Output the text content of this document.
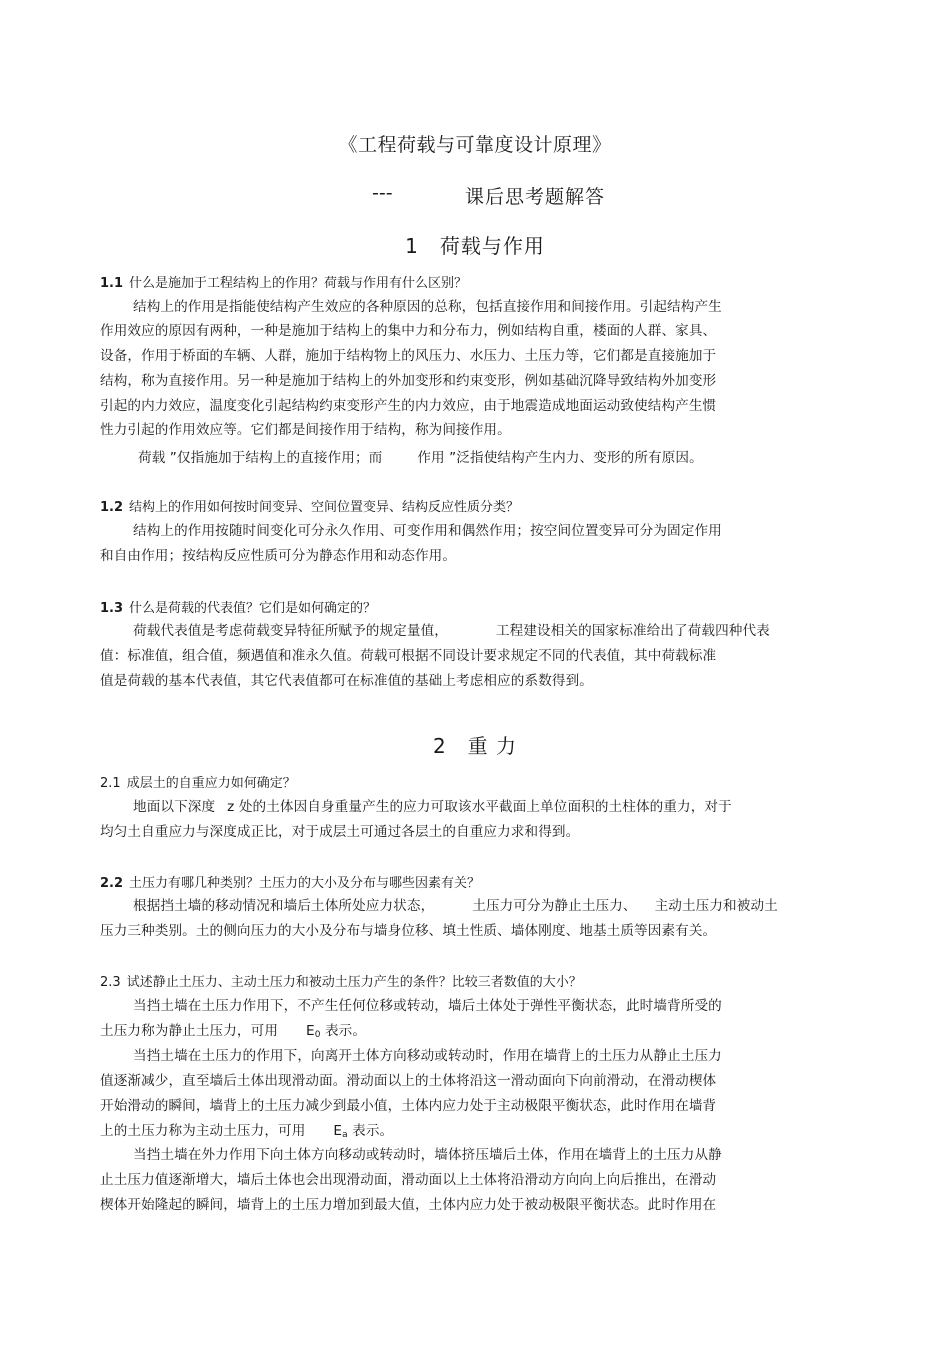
《工程荷载与可靠度设计原理》
---	课后思考题解答
1　荷载与作用
1.1 什么是施加于工程结构上的作用？荷载与作用有什么区别？
结构上的作用是指能使结构产生效应的各种原因的总称，包括直接作用和间接作用。引起结构产生
作用效应的原因有两种，一种是施加于结构上的集中力和分布力，例如结构自重，楼面的人群、家具、
设备，作用于桥面的车辆、人群，施加于结构物上的风压力、水压力、土压力等，它们都是直接施加于
结构，称为直接作用。另一种是施加于结构上的外加变形和约束变形，例如基础沉降导致结构外加变形
引起的内力效应，温度变化引起结构约束变形产生的内力效应，由于地震造成地面运动致使结构产生惯
性力引起的作用效应等。它们都是间接作用于结构，称为间接作用。
荷载 ”仅指施加于结构上的直接作用；而	作用 ”泛指使结构产生内力、变形的所有原因。
1.2 结构上的作用如何按时间变异、空间位置变异、结构反应性质分类？
结构上的作用按随时间变化可分永久作用、可变作用和偶然作用；按空间位置变异可分为固定作用
和自由作用；按结构反应性质可分为静态作用和动态作用。
1.3 什么是荷载的代表值？它们是如何确定的？
荷载代表值是考虑荷载变异特征所赋予的规定量值，	工程建设相关的国家标准给出了荷载四种代表
值：标准值，组合值，频遇值和准永久值。荷载可根据不同设计要求规定不同的代表值，其中荷载标准
值是荷载的基本代表值，其它代表值都可在标准值的基础上考虑相应的系数得到。
2　重 力
2.1 成层土的自重应力如何确定？
地面以下深度 z 处的土体因自身重量产生的应力可取该水平截面上单位面积的土柱体的重力，对于
均匀土自重应力与深度成正比，对于成层土可通过各层土的自重应力求和得到。
2.2 土压力有哪几种类别？土压力的大小及分布与哪些因素有关？
根据挡土墙的移动情况和墙后土体所处应力状态，	土压力可分为静止土压力、 主动土压力和被动土
压力三种类别。土的侧向压力的大小及分布与墙身位移、填土性质、墙体刚度、地基土质等因素有关。
2.3 试述静止土压力、主动土压力和被动土压力产生的条件？比较三者数值的大小？
当挡土墙在土压力作用下，不产生任何位移或转动，墙后土体处于弹性平衡状态，此时墙背所受的
土压力称为静止土压力，可用 $E_0$ 表示。
当挡土墙在土压力的作用下，向离开土体方向移动或转动时，作用在墙背上的土压力从静止土压力
值逐渐减少，直至墙后土体出现滑动面。滑动面以上的土体将沿这一滑动面向下向前滑动，在滑动楔体
开始滑动的瞬间，墙背上的土压力减少到最小值，土体内应力处于主动极限平衡状态，此时作用在墙背
上的土压力称为主动土压力，可用 $E_a$ 表示。
当挡土墙在外力作用下向土体方向移动或转动时，墙体挤压墙后土体，作用在墙背上的土压力从静
止土压力值逐渐增大，墙后土体也会出现滑动面，滑动面以上土体将沿滑动方向向上向后推出，在滑动
楔体开始隆起的瞬间，墙背上的土压力增加到最大值，土体内应力处于被动极限平衡状态。此时作用在
